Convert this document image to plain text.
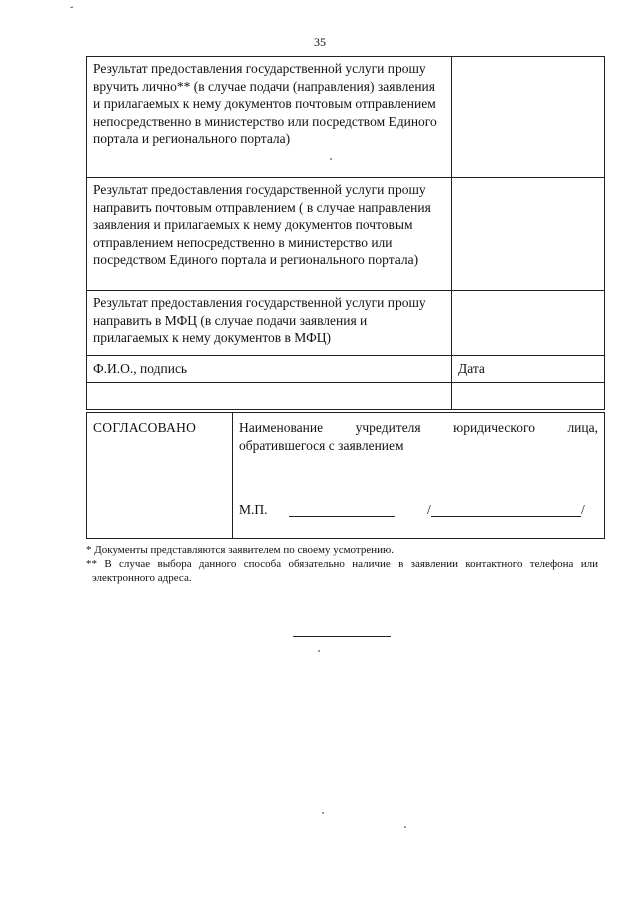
ˇ
35
Результат предоставления государственной услуги прошу вручить лично** (в случае подачи (направления) заявления и прилагаемых к нему документов почтовым отправлением непосредственно в министерство или посредством Единого портала и регионального портала)	
Результат предоставления государственной услуги прошу направить почтовым отправлением ( в случае направления заявления и прилагаемых к нему документов почтовым отправлением непосредственно в министерство или посредством Единого портала и регионального портала)	
Результат предоставления государственной услуги прошу направить в МФЦ (в случае подачи заявления и прилагаемых к нему документов в МФЦ)	
Ф.И.О., подпись	Дата

СОГЛАСОВАНО	Наименование учредителя юридического лица, обратившегося с заявлением
М.П.	/	/
* Документы представляются заявителем по своему усмотрению.
** В случае выбора данного способа обязательно наличие в заявлении контактного телефона или электронного адреса.
